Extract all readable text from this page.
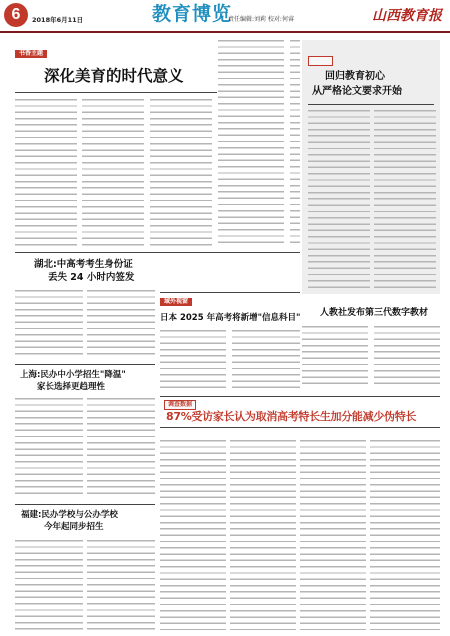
6	2018年6月11日	教育博览
责任编辑:刘莉 校对:何睿	山西教育报
书香主题
深化美育的时代意义
湖北:中高考考生身份证
丢失 24 小时内签发
上海:民办中小学招生"降温"
家长选择更趋理性
福建:民办学校与公办学校
今年起同步招生

回归教育初心
从严格论文要求开始
人教社发布第三代数字教材
域外视窗
日本 2025 年高考将新增"信息科目"
调查数据
87%受访家长认为取消高考特长生加分能减少伪特长
